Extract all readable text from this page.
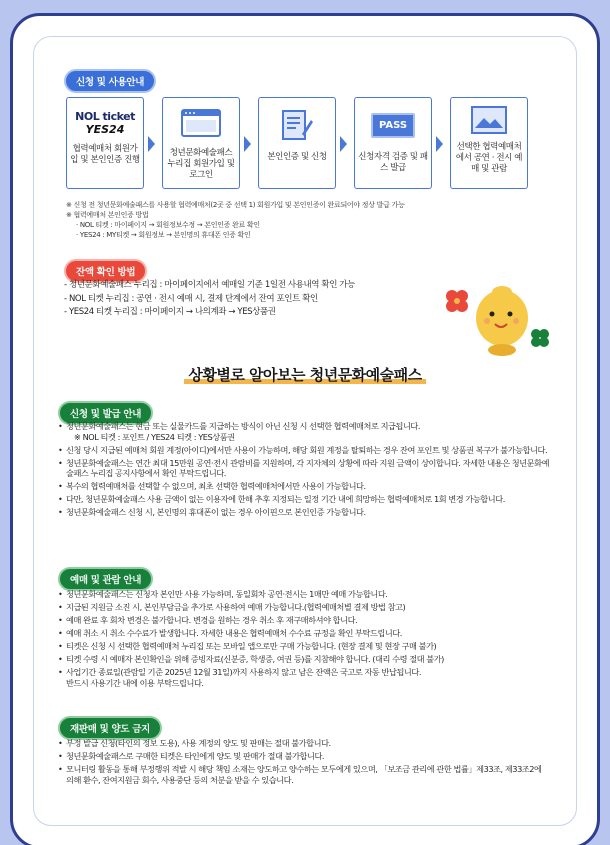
신청 및 사용안내
NOL ticket
YES24
협력예매처 회원가입 및 본인인증 진행
청년문화예술패스 누리집 회원가입 및 로그인
본인인증 및 신청
PASS
신청자격 검증 및 패스 발급
선택한 협력예매처에서 공연 · 전시 예매 및 관람
※ 신청 전 청년문화예술패스를 사용할 협력예매처(2곳 중 선택 1) 회원가입 및 본인인증이 완료되어야 정상 발급 가능
※ 협력예매처 본인인증 방법
· NOL 티켓 : 마이페이지 → 회원정보수정 → 본인인증 완료 확인
· YES24 : MY티켓 → 회원정보 → 본인명의 휴대폰 인증 확인
잔액 확인 방법
- 청년문화예술패스 누리집 : 마이페이지에서 예매일 기준 1일전 사용내역 확인 가능
- NOL 티켓 누리집 : 공연 · 전시 예매 시, 결제 단계에서 잔여 포인트 확인
- YES24 티켓 누리집 : 마이페이지 → 나의계좌 → YES상품권
상황별로 알아보는 청년문화예술패스
신청 및 발급 안내
• 청년문화예술패스는 현금 또는 실물카드를 지급하는 방식이 아닌 신청 시 선택한 협력예매처로 지급됩니다.
※ NOL 티켓 : 포인트 / YES24 티켓 : YES상품권
• 신청 당시 지급된 예매처 회원 계정(아이디)에서만 사용이 가능하며, 해당 회원 계정을 탈퇴하는 경우 잔여 포인트 및 상품권 복구가 불가능합니다.
• 청년문화예술패스는 연간 최대 15만원 공연·전시 관람비를 지원하며, 각 지자체의 상황에 따라 지원 금액이 상이합니다. 자세한 내용은 청년문화예술패스 누리집 공지사항에서 확인 부탁드립니다.
• 복수의 협력예매처를 선택할 수 없으며, 최초 선택한 협력예매처에서만 사용이 가능합니다.
• 다만, 청년문화예술패스 사용 금액이 없는 이용자에 한해 추후 지정되는 일정 기간 내에 희망하는 협력예매처로 1회 변경 가능합니다.
• 청년문화예술패스 신청 시, 본인명의 휴대폰이 없는 경우 아이핀으로 본인인증 가능합니다.
예매 및 관람 안내
• 청년문화예술패스는 신청자 본인만 사용 가능하며, 동일회차 공연·전시는 1매만 예매 가능합니다.
• 지급된 지원금 소진 시, 본인부담금을 추가로 사용하여 예매 가능합니다.(협력예매처별 결제 방법 참고)
• 예매 완료 후 회차 변경은 불가합니다. 변경을 원하는 경우 취소 후 재구매하셔야 합니다.
• 예매 취소 시 취소 수수료가 발생합니다. 자세한 내용은 협력예매처 수수료 규정을 확인 부탁드립니다.
• 티켓은 신청 시 선택한 협력예매처 누리집 또는 모바일 앱으로만 구매 가능합니다. (현장 결제 및 현장 구매 불가)
• 티켓 수령 시 예매자 본인확인을 위해 증빙자료(신분증, 학생증, 여권 등)를 지참해야 합니다. (대리 수령 절대 불가)
• 사업기간 종료일(관람일 기준 2025년 12월 31일)까지 사용하지 않고 남은 잔액은 국고로 자동 반납됩니다.
반드시 사용기간 내에 이용 부탁드립니다.
재판매 및 양도 금지
• 부정 발급 신청(타인의 정보 도용), 사용 계정의 양도 및 판매는 절대 불가합니다.
• 청년문화예술패스로 구매한 티켓은 타인에게 양도 및 판매가 절대 불가합니다.
• 모니터링 활동을 통해 부정행위 적발 시 해당 책임 소재는 양도하고 양수하는 모두에게 있으며, 「보조금 관리에 관한 법률」제33조, 제33조2에 의해 환수, 잔여지원금 회수, 사용중단 등의 처분을 받을 수 있습니다.
